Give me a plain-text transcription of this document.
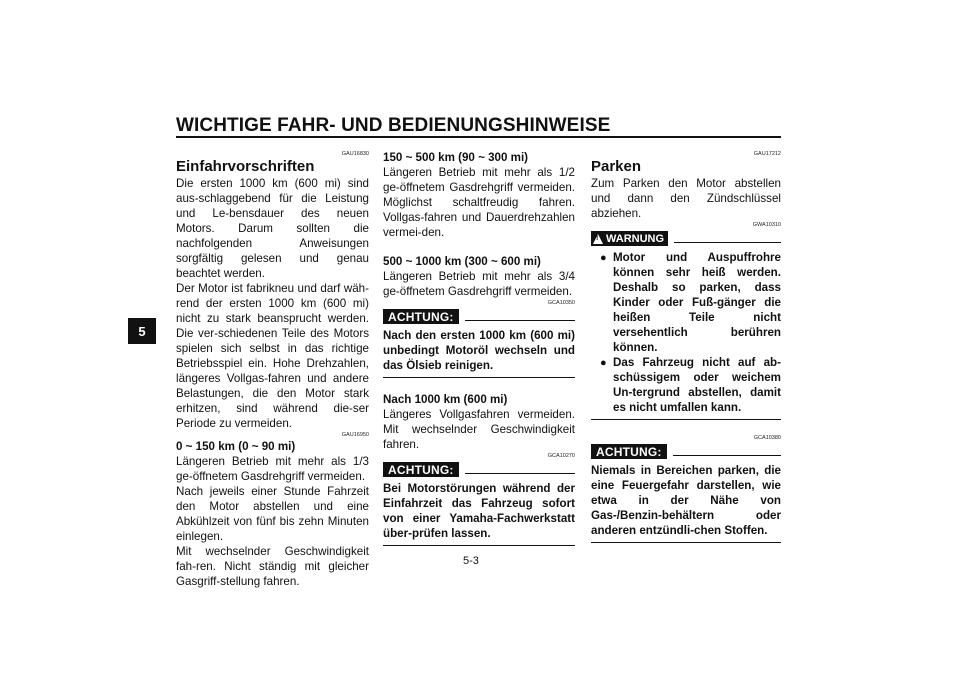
WICHTIGE FAHR- UND BEDIENUNGSHINWEISE
5
GAU16830
Einfahrvorschriften

Die ersten 1000 km (600 mi) sind aus-schlaggebend für die Leistung und Le-bensdauer des neuen Motors. Darum sollten die nachfolgenden Anweisungen sorgfältig gelesen und genau beachtet werden.

Der Motor ist fabrikneu und darf wäh-rend der ersten 1000 km (600 mi) nicht zu stark beansprucht werden. Die ver-schiedenen Teile des Motors spielen sich selbst in das richtige Betriebsspiel ein. Hohe Drehzahlen, längeres Vollgas-fahren und andere Belastungen, die den Motor stark erhitzen, sind während die-ser Periode zu vermeiden.

GAU16950

0 ~ 150 km (0 ~ 90 mi)

Längeren Betrieb mit mehr als 1/3 ge-öffnetem Gasdrehgriff vermeiden.

Nach jeweils einer Stunde Fahrzeit den Motor abstellen und eine Abkühlzeit von fünf bis zehn Minuten einlegen.

Mit wechselnder Geschwindigkeit fah-ren. Nicht ständig mit gleicher Gasgriff-stellung fahren.

150 ~ 500 km (90 ~ 300 mi)

Längeren Betrieb mit mehr als 1/2 ge-öffnetem Gasdrehgriff vermeiden. Möglichst schaltfreudig fahren. Vollgas-fahren und Dauerdrehzahlen vermei-den.

500 ~ 1000 km (300 ~ 600 mi)

Längeren Betrieb mit mehr als 3/4 ge-öffnetem Gasdrehgriff vermeiden.

GCA10350
ACHTUNG:

Nach den ersten 1000 km (600 mi) unbedingt Motoröl wechseln und das Ölsieb reinigen.

Nach 1000 km (600 mi)

Längeres Vollgasfahren vermeiden. Mit wechselnder Geschwindigkeit fahren.

GCA10270
ACHTUNG:

Bei Motorstörungen während der Einfahrzeit das Fahrzeug sofort von einer Yamaha-Fachwerkstatt über-prüfen lassen.

GAU17212
Parken

Zum Parken den Motor abstellen und dann den Zündschlüssel abziehen.

GWA10310
! WARNUNG
● Motor und Auspuffrohre können sehr heiß werden. Deshalb so parken, dass Kinder oder Fuß-gänger die heißen Teile nicht versehentlich berühren können.
● Das Fahrzeug nicht auf ab-schüssigem oder weichem Un-tergrund abstellen, damit es nicht umfallen kann.
GCA10380
ACHTUNG:

Niemals in Bereichen parken, die eine Feuergefahr darstellen, wie etwa in der Nähe von Gas-/Benzin-behältern oder anderen entzündli-chen Stoffen.

5-3
